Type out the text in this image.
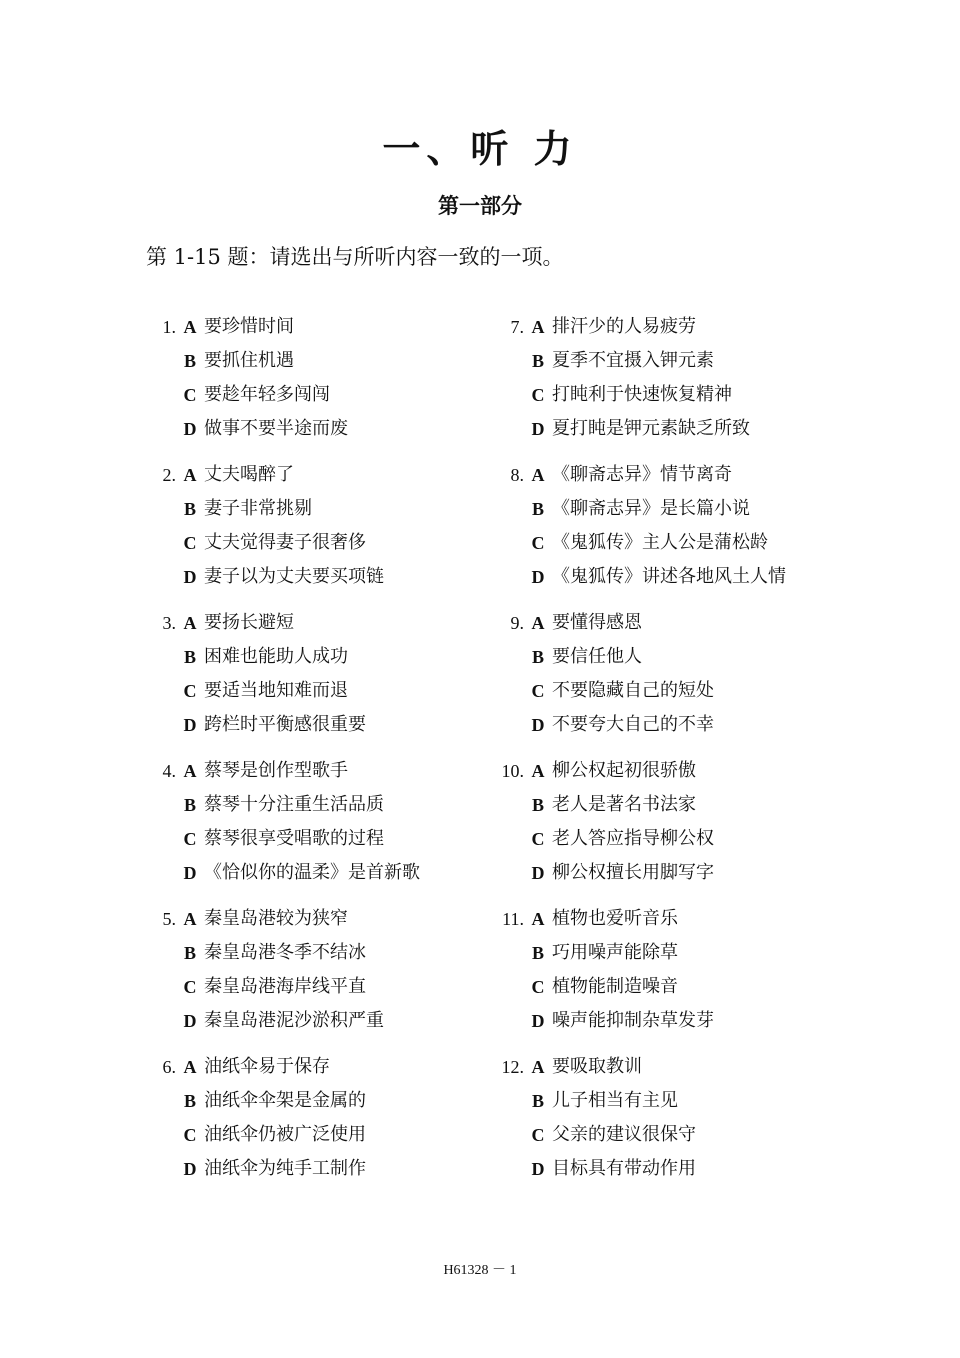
一、听 力
第一部分
第 1-15 题：请选出与所听内容一致的一项。
1. A 要珍惜时间
B 要抓住机遇
C 要趁年轻多闯闯
D 做事不要半途而废
2. A 丈夫喝醉了
B 妻子非常挑剔
C 丈夫觉得妻子很奢侈
D 妻子以为丈夫要买项链
3. A 要扬长避短
B 困难也能助人成功
C 要适当地知难而退
D 跨栏时平衡感很重要
4. A 蔡琴是创作型歌手
B 蔡琴十分注重生活品质
C 蔡琴很享受唱歌的过程
D 《恰似你的温柔》是首新歌
5. A 秦皇岛港较为狭窄
B 秦皇岛港冬季不结冰
C 秦皇岛港海岸线平直
D 秦皇岛港泥沙淤积严重
6. A 油纸伞易于保存
B 油纸伞伞架是金属的
C 油纸伞仍被广泛使用
D 油纸伞为纯手工制作
7. A 排汗少的人易疲劳
B 夏季不宜摄入钾元素
C 打盹利于快速恢复精神
D 夏打盹是钾元素缺乏所致
8. A 《聊斋志异》情节离奇
B 《聊斋志异》是长篇小说
C 《鬼狐传》主人公是蒲松龄
D 《鬼狐传》讲述各地风土人情
9. A 要懂得感恩
B 要信任他人
C 不要隐藏自己的短处
D 不要夸大自己的不幸
10. A 柳公权起初很骄傲
B 老人是著名书法家
C 老人答应指导柳公权
D 柳公权擅长用脚写字
11. A 植物也爱听音乐
B 巧用噪声能除草
C 植物能制造噪音
D 噪声能抑制杂草发芽
12. A 要吸取教训
B 儿子相当有主见
C 父亲的建议很保守
D 目标具有带动作用
H61328 － 1
